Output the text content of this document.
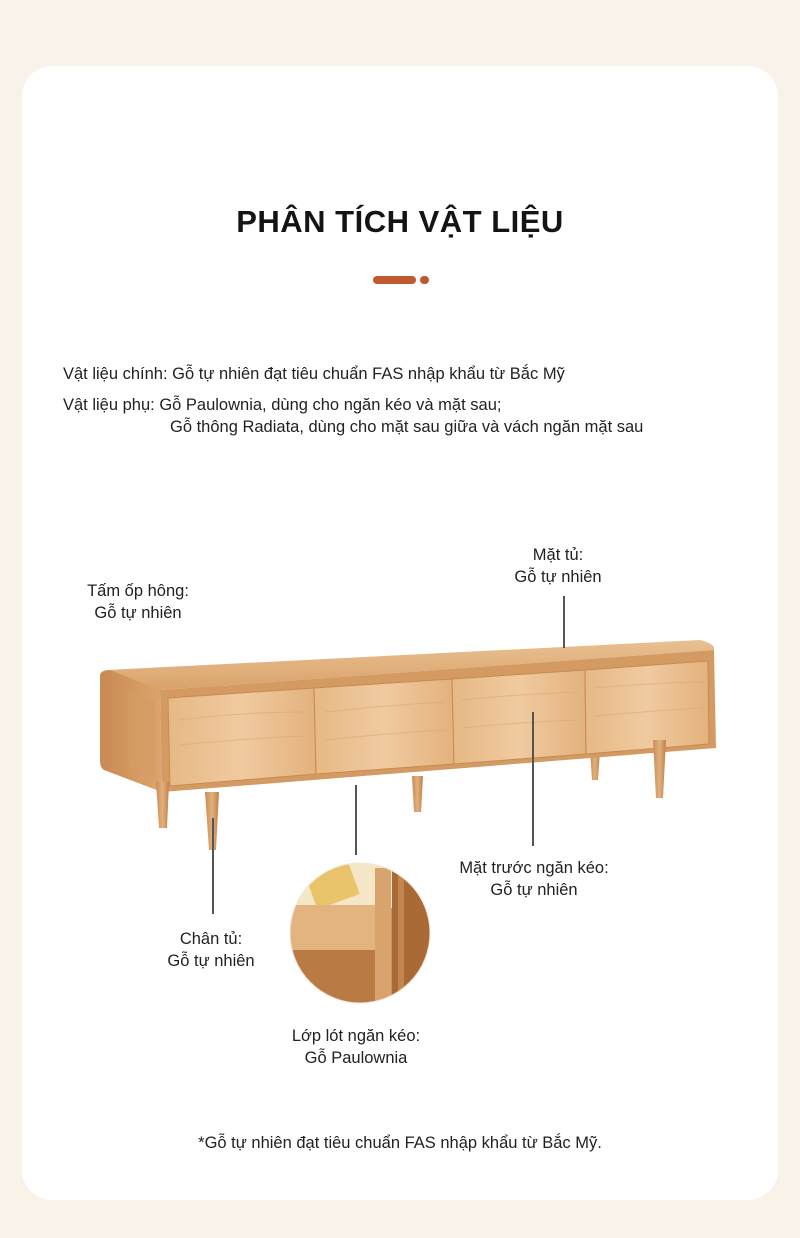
PHÂN TÍCH VẬT LIỆU
Vật liệu chính: Gỗ tự nhiên đạt tiêu chuẩn FAS nhập khẩu từ Bắc Mỹ
Vật liệu phụ: Gỗ Paulownia, dùng cho ngăn kéo và mặt sau;
Gỗ thông Radiata, dùng cho mặt sau giữa và vách ngăn mặt sau
Mặt tủ:
Gỗ tự nhiên
Tấm ốp hông:
Gỗ tự nhiên
Mặt trước ngăn kéo:
Gỗ tự nhiên
Chân tủ:
Gỗ tự nhiên
Lớp lót ngăn kéo:
Gỗ Paulownia
*Gỗ tự nhiên đạt tiêu chuẩn FAS nhập khẩu từ Bắc Mỹ.
